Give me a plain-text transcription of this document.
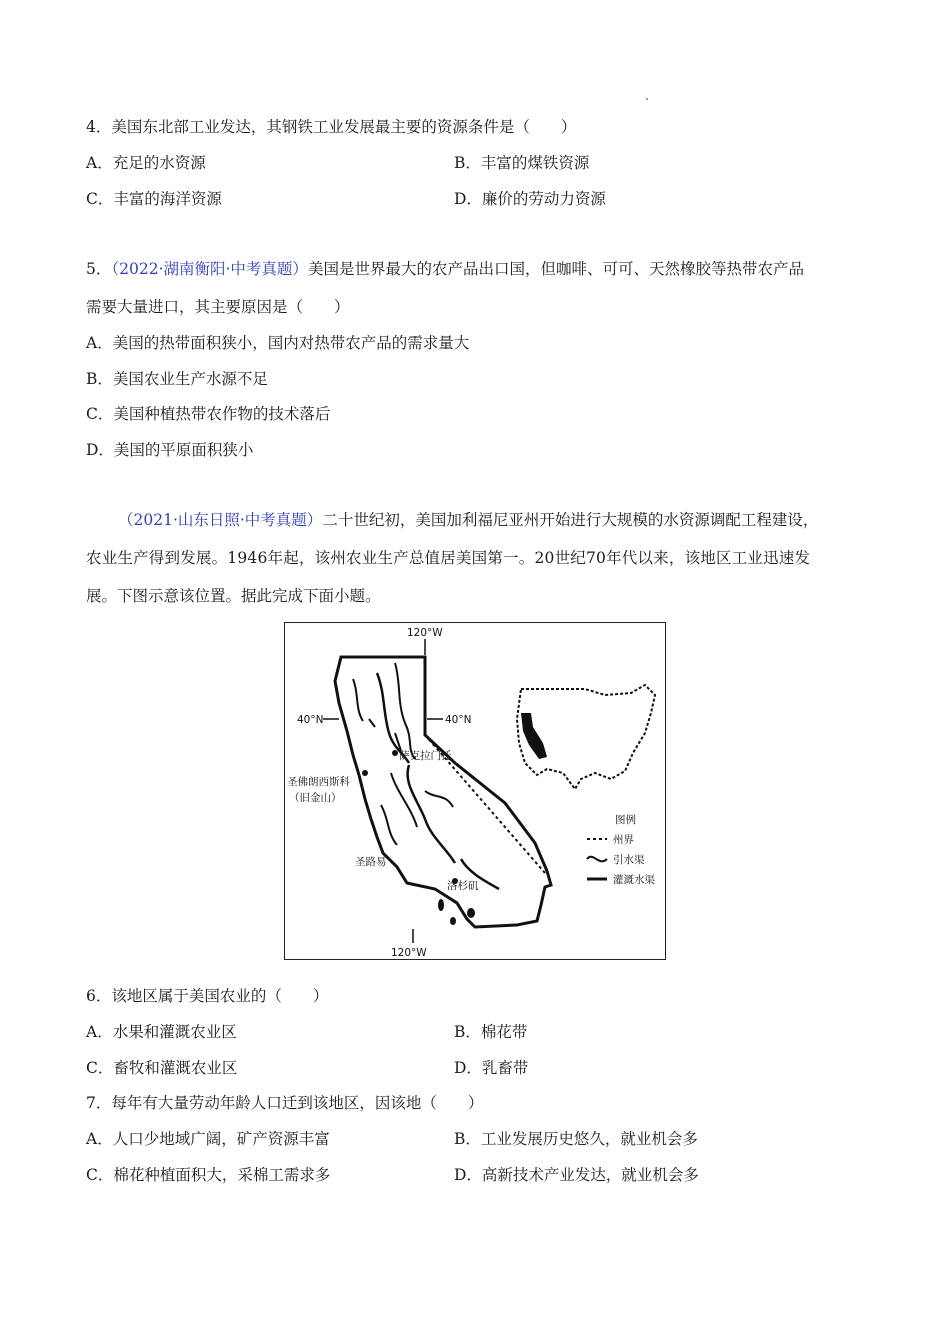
4．美国东北部工业发达，其钢铁工业发展最主要的资源条件是（　　）
A．充足的水资源	B．丰富的煤铁资源
C．丰富的海洋资源	D．廉价的劳动力资源
5．（2022·湖南衡阳·中考真题）美国是世界最大的农产品出口国，但咖啡、可可、天然橡胶等热带农产品
需要大量进口，其主要原因是（　　）
A．美国的热带面积狭小，国内对热带农产品的需求量大
B．美国农业生产水源不足
C．美国种植热带农作物的技术落后
D．美国的平原面积狭小
（2021·山东日照·中考真题）二十世纪初，美国加利福尼亚州开始进行大规模的水资源调配工程建设，
农业生产得到发展。1946年起，该州农业生产总值居美国第一。20世纪70年代以来，该地区工业迅速发
展。下图示意该位置。据此完成下面小题。
120°W
40°N	40°N
萨克拉门托
圣佛朗西斯科
（旧金山）
圣路易
洛杉矶
120°W
图例
州界
引水渠
灌溉水渠
6．该地区属于美国农业的（　　）
A．水果和灌溉农业区	B．棉花带
C．畜牧和灌溉农业区	D．乳畜带
7．每年有大量劳动年龄人口迁到该地区，因该地（　　）
A．人口少地域广阔，矿产资源丰富	B．工业发展历史悠久，就业机会多
C．棉花种植面积大，采棉工需求多	D．高新技术产业发达，就业机会多
